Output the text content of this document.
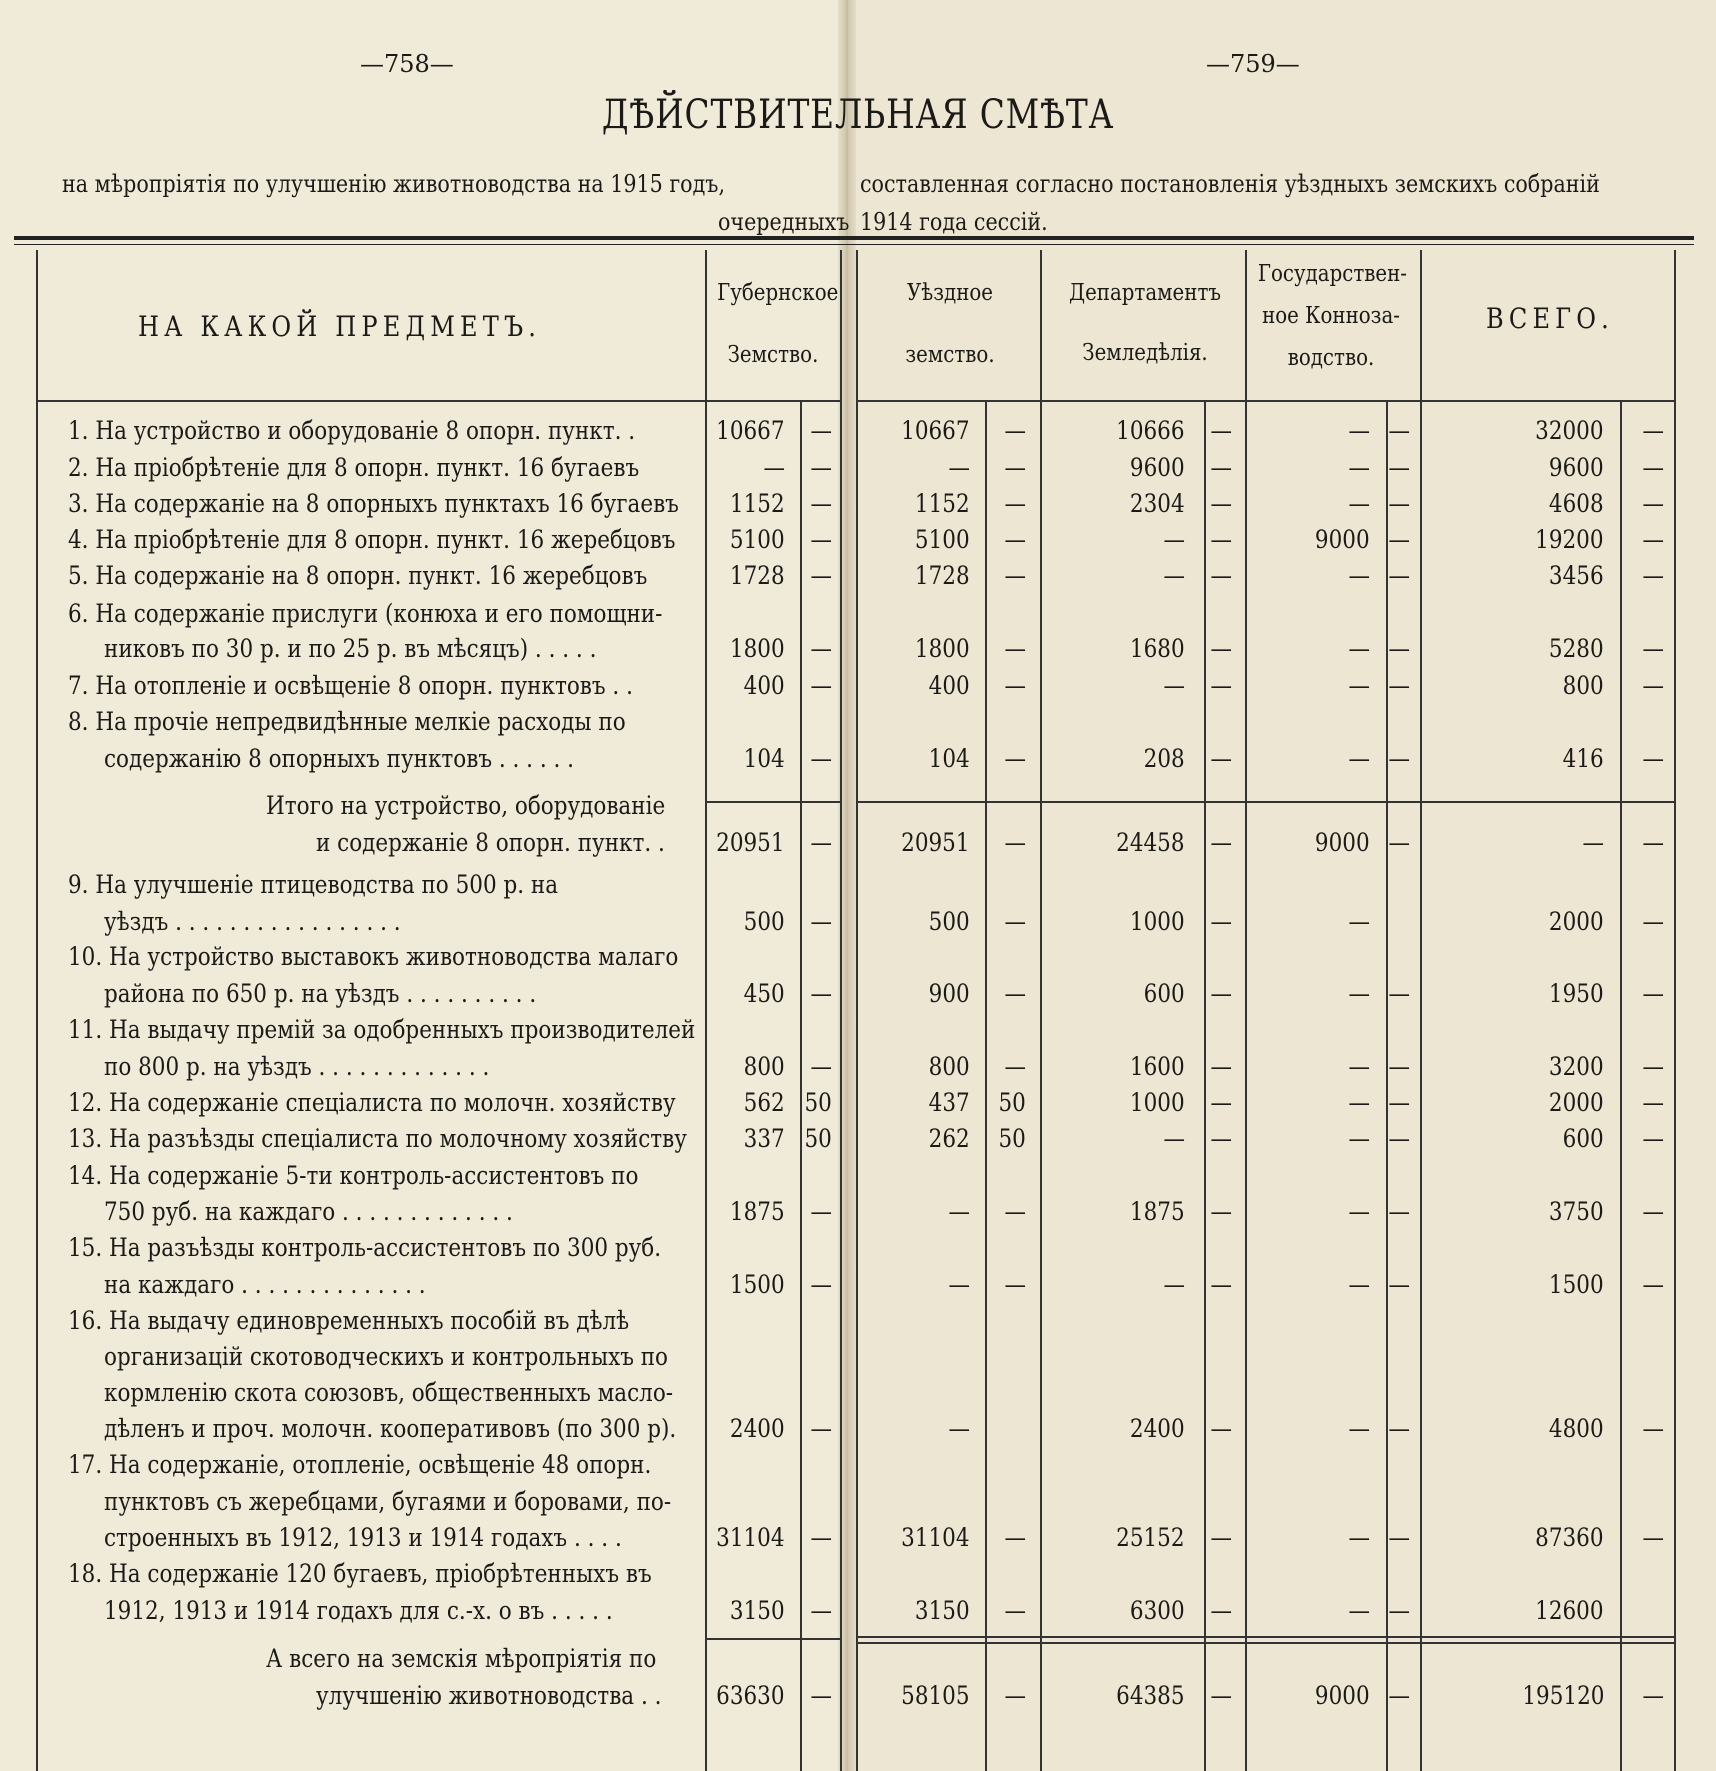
—758—	—759—
ДѢЙСТВИТЕЛЬНАЯ СМѢТА
на мѣропріятія по улучшенію животноводства на 1915 годъ,	составленная согласно постановленія уѣздныхъ земскихъ собраній
очередныхъ 1914 года сессій.
НА КАКОЙ ПРЕДМЕТЪ.
Губернское
Земство.
Уѣздное
земство.
Департаментъ
Земледѣлія.
Государствен-
ное Конноза-
водство.
ВСЕГО.
1. На устройство и оборудованіе 8 опорн. пункт. .	10667 —	10667 —	10666 —	— —	32000 —
2. На пріобрѣтеніе для 8 опорн. пункт. 16 бугаевъ	— —	— —	9600 —	— —	9600 —
3. На содержаніе на 8 опорныхъ пунктахъ 16 бугаевъ 1152 —	1152 —	2304 —	— —	4608 —
4. На пріобрѣтеніе для 8 опорн. пункт. 16 жеребцовъ 5100 —	5100 —	— —	9000 —	19200 —
5. На содержаніе на 8 опорн. пункт. 16 жеребцовъ	1728 —	1728 —	— —	— —	3456 —
6. На содержаніе прислуги (конюха и его помощни-
никовъ по 30 р. и по 25 р. въ мѣсяцъ) . . . . .	1800 —	1800 —	1680 —	— —	5280 —
7. На отопленіе и освѣщеніе 8 опорн. пунктовъ . .	400 —	400 —	— —	— —	800 —
8. На прочіе непредвидѣнные мелкіе расходы по
содержанію 8 опорныхъ пунктовъ . . . . . .	104 —	104 —	208 —	— —	416 —
Итого на устройство, оборудованіе
и содержаніе 8 опорн. пункт. . 20951 —	20951 —	24458 —	9000 —	— —
9. На улучшеніе птицеводства по 500 р. на
уѣздъ . . . . . . . . . . . . . . . . .	500 —	500 —	1000 —	—	2000 —
10. На устройство выставокъ животноводства малаго
района по 650 р. на уѣздъ . . . . . . . . . .	450 —	900 —	600 —	— —	1950 —
11. На выдачу премій за одобренныхъ производителей
по 800 р. на уѣздъ . . . . . . . . . . . . .	800 —	800 —	1600 —	— —	3200 —
12. На содержаніе спеціалиста по молочн. хозяйству	562 50	437 50	1000 —	— —	2000 —
13. На разъѣзды спеціалиста по молочному хозяйству 337 50	262 50	— —	— —	600 —
14. На содержаніе 5-ти контроль-ассистентовъ по
750 руб. на каждаго . . . . . . . . . . . . .	1875 —	— —	1875 —	— —	3750 —
15. На разъѣзды контроль-ассистентовъ по 300 руб.
на каждаго . . . . . . . . . . . . . .	1500 —	— —	— —	— —	1500 —
16. На выдачу единовременныхъ пособій въ дѣлѣ
организацій скотоводческихъ и контрольныхъ по
кормленію скота союзовъ, общественныхъ масло-
дѣленъ и проч. молочн. кооперативовъ (по 300 р). 2400 —	—	2400 —	— —	4800 —
17. На содержаніе, отопленіе, освѣщеніе 48 опорн.
пунктовъ съ жеребцами, бугаями и боровами, по-
строенныхъ въ 1912, 1913 и 1914 годахъ . . . .	31104 —	31104 —	25152 —	— —	87360 —
18. На содержаніе 120 бугаевъ, пріобрѣтенныхъ въ
1912, 1913 и 1914 годахъ для с.-х. о въ . . . . .	3150 —	3150 —	6300 —	— —	12600
А всего на земскія мѣропріятія по
улучшенію животноводства . . 63630 —	58105 —	64385 —	9000 —	195120 —
